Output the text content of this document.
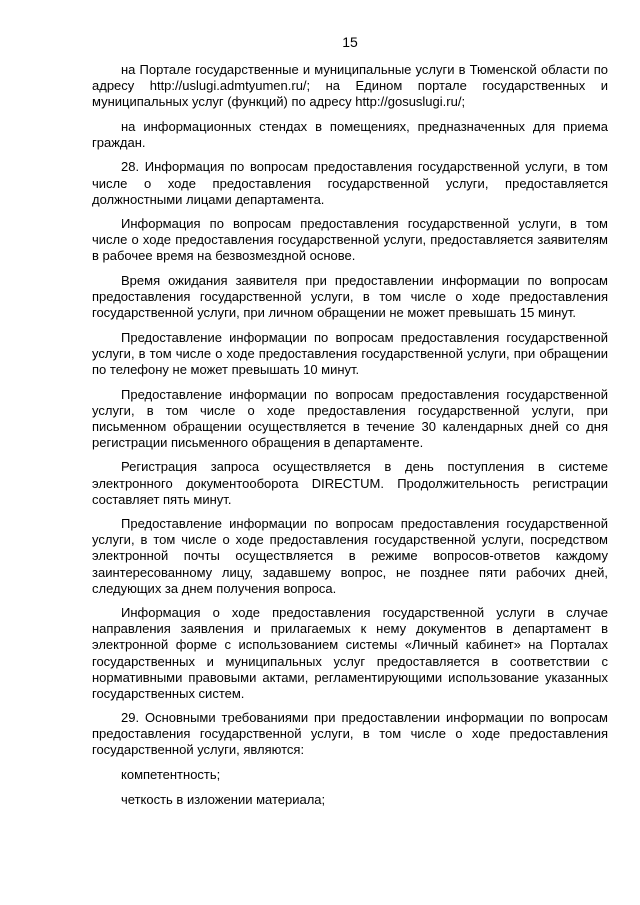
15

на Портале государственные и муниципальные услуги в Тюменской области по адресу http://uslugi.admtyumen.ru/; на Едином портале государственных и муниципальных услуг (функций) по адресу http://gosuslugi.ru/;

на информационных стендах в помещениях, предназначенных для приема граждан.

28. Информация по вопросам предоставления государственной услуги, в том числе о ходе предоставления государственной услуги, предоставляется должностными лицами департамента.

Информация по вопросам предоставления государственной услуги, в том числе о ходе предоставления государственной услуги, предоставляется заявителям в рабочее время на безвозмездной основе.

Время ожидания заявителя при предоставлении информации по вопросам предоставления государственной услуги, в том числе о ходе предоставления государственной услуги, при личном обращении не может превышать 15 минут.

Предоставление информации по вопросам предоставления государственной услуги, в том числе о ходе предоставления государственной услуги, при обращении по телефону не может превышать 10 минут.

Предоставление информации по вопросам предоставления государственной услуги, в том числе о ходе предоставления государственной услуги, при письменном обращении осуществляется в течение 30 календарных дней со дня регистрации письменного обращения в департаменте.

Регистрация запроса осуществляется в день поступления в системе электронного документооборота DIRECTUM. Продолжительность регистрации составляет пять минут.

Предоставление информации по вопросам предоставления государственной услуги, в том числе о ходе предоставления государственной услуги, посредством электронной почты осуществляется в режиме вопросов-ответов каждому заинтересованному лицу, задавшему вопрос, не позднее пяти рабочих дней, следующих за днем получения вопроса.

Информация о ходе предоставления государственной услуги в случае направления заявления и прилагаемых к нему документов в департамент в электронной форме с использованием системы «Личный кабинет» на Порталах государственных и муниципальных услуг предоставляется в соответствии с нормативными правовыми актами, регламентирующими использование указанных государственных систем.

29. Основными требованиями при предоставлении информации по вопросам предоставления государственной услуги, в том числе о ходе предоставления государственной услуги, являются:

компетентность;

четкость в изложении материала;
